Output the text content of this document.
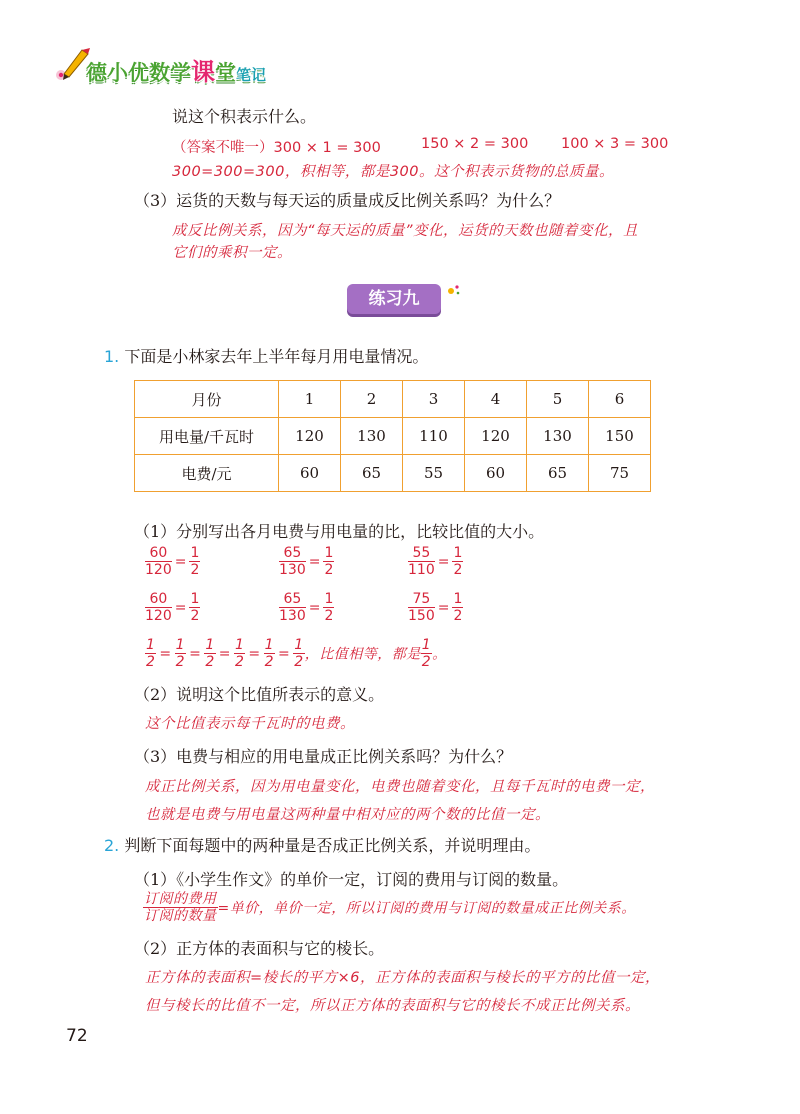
德小优数学课堂笔记
说这个积表示什么。
（答案不唯一）300 × 1 = 300	150 × 2 = 300 100 × 3 = 300
300=300=300，积相等，都是300。这个积表示货物的总质量。
（3）运货的天数与每天运的质量成反比例关系吗？为什么？
成反比例关系，因为“每天运的质量”变化，运货的天数也随着变化，且
它们的乘积一定。
练习九
1. 下面是小林家去年上半年每月用电量情况。
月份	1	2	3	4	5	6
用电量/千瓦时	120	130	110	120	130	150
电费/元	60	65	55	60	65	75
（1）分别写出各月电费与用电量的比，比较比值的大小。
$\frac{60}{120} = \frac{1}{2}$	$\frac{65}{130} = \frac{1}{2}$	$\frac{55}{110} = \frac{1}{2}$
$\frac{60}{120} = \frac{1}{2}$	$\frac{65}{130} = \frac{1}{2}$	$\frac{75}{150} = \frac{1}{2}$
$\frac{1}{2} = \frac{1}{2} = \frac{1}{2} = \frac{1}{2} = \frac{1}{2} = \frac{1}{2}$ ，比值相等，都是 $\frac{1}{2}$ 。
（2）说明这个比值所表示的意义。
这个比值表示每千瓦时的电费。
（3）电费与相应的用电量成正比例关系吗？为什么？
成正比例关系，因为用电量变化，电费也随着变化，且每千瓦时的电费一定，
也就是电费与用电量这两种量中相对应的两个数的比值一定。
2. 判断下面每题中的两种量是否成正比例关系，并说明理由。
（1）《小学生作文》的单价一定，订阅的费用与订阅的数量。
$\frac{\text{订阅的费用}}{\text{订阅的数量}}$ =单价，单价一定，所以订阅的费用与订阅的数量成正比例关系。
（2）正方体的表面积与它的棱长。
正方体的表面积=棱长的平方×6，正方体的表面积与棱长的平方的比值一定，
但与棱长的比值不一定，所以正方体的表面积与它的棱长不成正比例关系。
72
